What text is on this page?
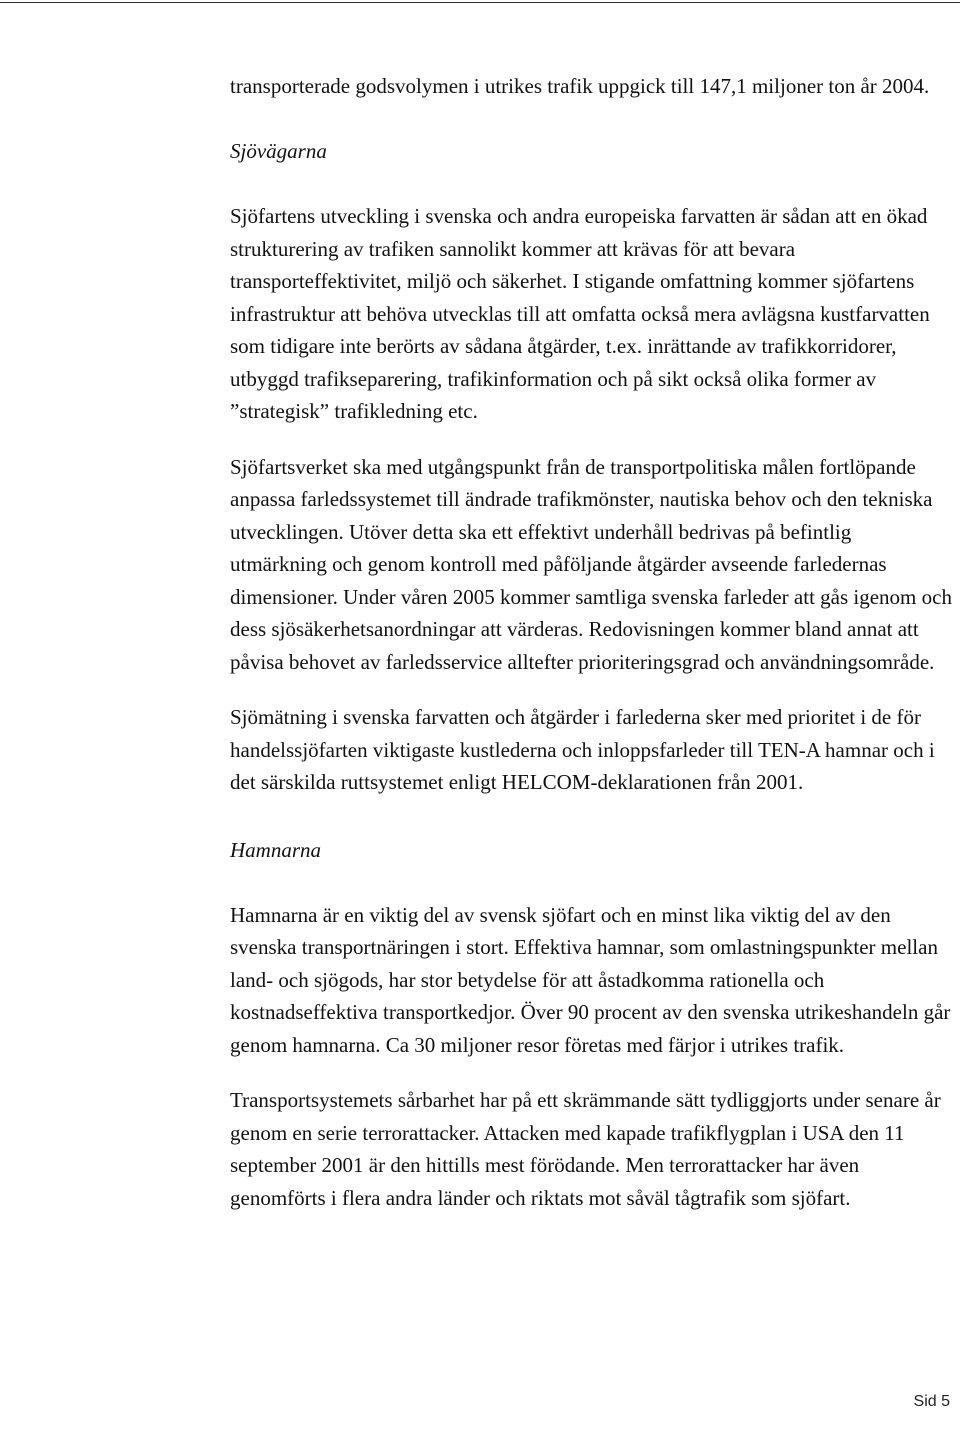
transporterade godsvolymen i utrikes trafik uppgick till 147,1 miljoner ton år 2004.

Sjövägarna

Sjöfartens utveckling i svenska och andra europeiska farvatten är sådan att en ökad strukturering av trafiken sannolikt kommer att krävas för att bevara transporteffektivitet, miljö och säkerhet. I stigande omfattning kommer sjöfartens infrastruktur att behöva utvecklas till att omfatta också mera avlägsna kustfarvatten som tidigare inte berörts av sådana åtgärder, t.ex. inrättande av trafikkorridorer, utbyggd trafikseparering, trafikinformation och på sikt också olika former av ”strategisk” trafikledning etc.

Sjöfartsverket ska med utgångspunkt från de transportpolitiska målen fortlöpande anpassa farledssystemet till ändrade trafikmönster, nautiska behov och den tekniska utvecklingen. Utöver detta ska ett effektivt underhåll bedrivas på befintlig utmärkning och genom kontroll med påföljande åtgärder avseende farledernas dimensioner. Under våren 2005 kommer samtliga svenska farleder att gås igenom och dess sjösäkerhetsanordningar att värderas. Redovisningen kommer bland annat att påvisa behovet av farledsservice alltefter prioriteringsgrad och användningsområde.

Sjömätning i svenska farvatten och åtgärder i farlederna sker med prioritet i de för handelssjöfarten viktigaste kustlederna och inloppsfarleder till TEN-A hamnar och i det särskilda ruttsystemet enligt HELCOM-deklarationen från 2001.

Hamnarna

Hamnarna är en viktig del av svensk sjöfart och en minst lika viktig del av den svenska transportnäringen i stort. Effektiva hamnar, som omlastningspunkter mellan land- och sjögods, har stor betydelse för att åstadkomma rationella och kostnadseffektiva transportkedjor. Över 90 procent av den svenska utrikeshandeln går genom hamnarna. Ca 30 miljoner resor företas med färjor i utrikes trafik.

Transportsystemets sårbarhet har på ett skrämmande sätt tydliggjorts under senare år genom en serie terrorattacker. Attacken med kapade trafikflygplan i USA den 11 september 2001 är den hittills mest förödande. Men terrorattacker har även genomförts i flera andra länder och riktats mot såväl tågtrafik som sjöfart.

Sid 5
